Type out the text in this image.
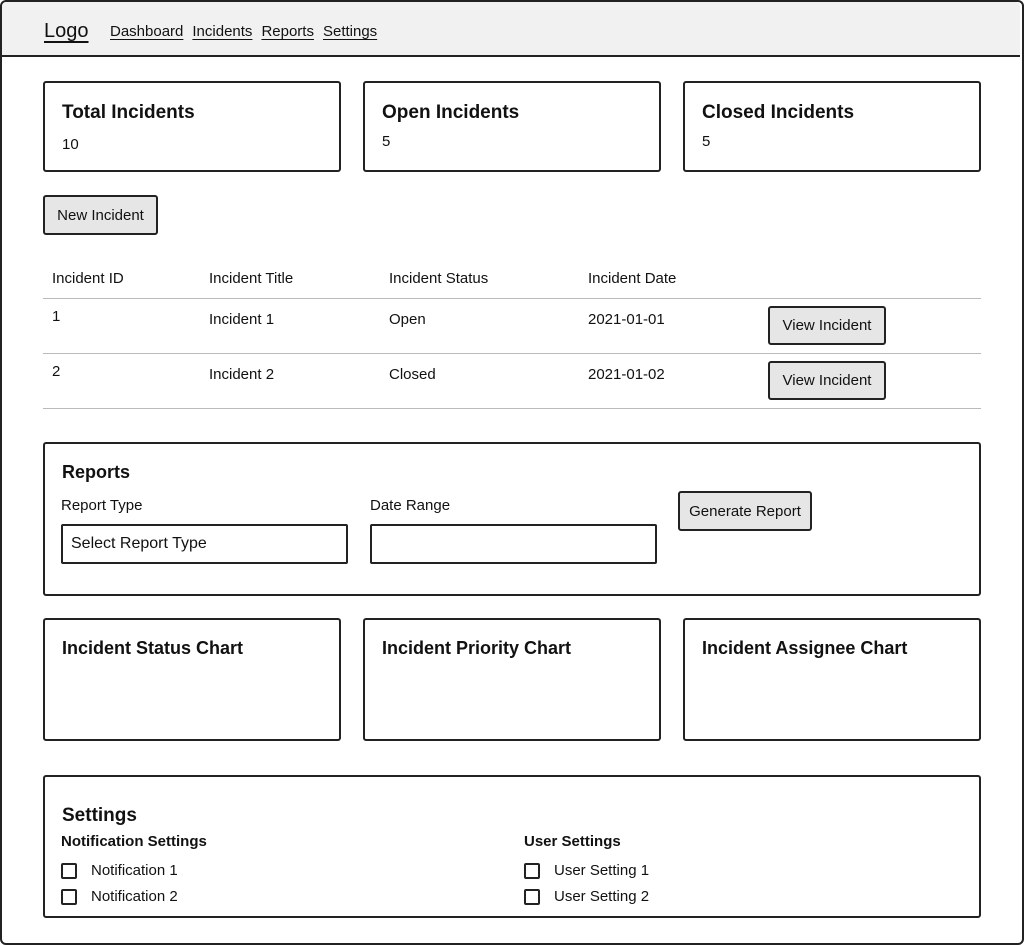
Logo Dashboard Incidents Reports Settings
Total Incidents
10
Open Incidents
5
Closed Incidents
5
New Incident
Incident ID	Incident Title	Incident Status	Incident Date
1	Incident 1	Open	2021-01-01	View Incident
2	Incident 2	Closed	2021-01-02	View Incident
Reports
Report Type
Select Report Type
Date Range	Generate Report
Incident Status Chart	Incident Priority Chart	Incident Assignee Chart
Settings
Notification Settings
Notification 1
Notification 2
User Settings
User Setting 1
User Setting 2
